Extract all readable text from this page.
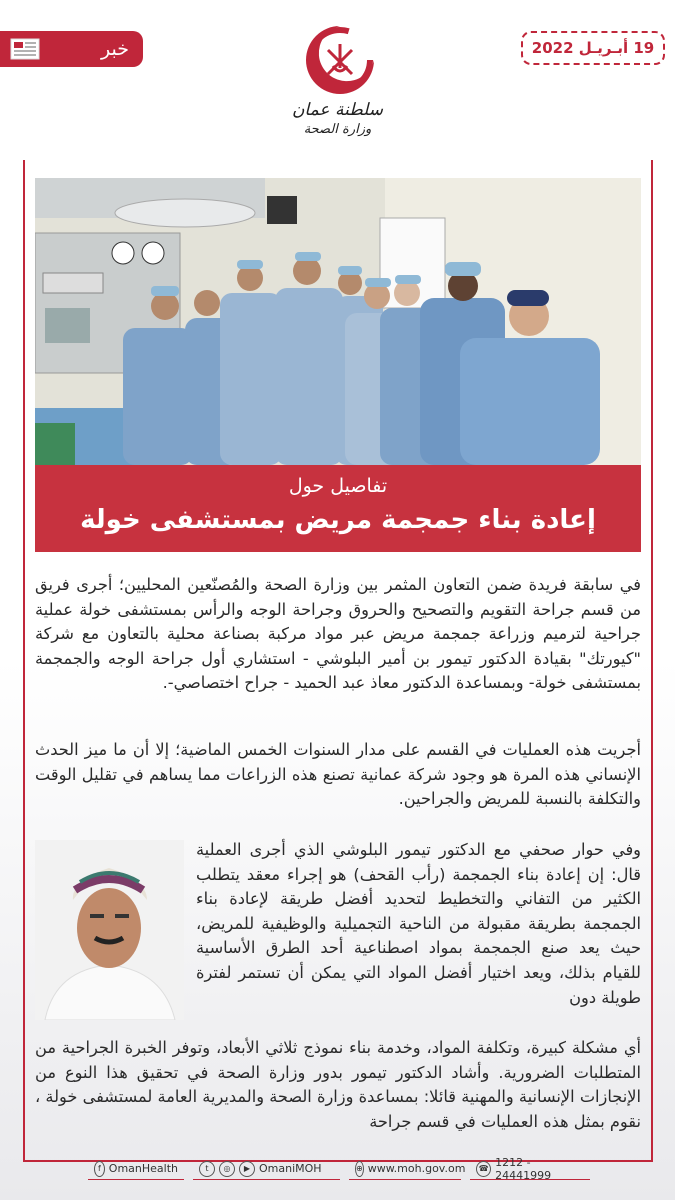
خبر
سلطنة عمان
وزارة الصحة
19 أبـريـل 2022
تفاصيل حول
إعادة بناء جمجمة مريض بمستشفى خولة
في سابقة فريدة ضمن التعاون المثمر بين وزارة الصحة والمُصنّعين المحليين؛ أجرى فريق من قسم جراحة التقويم والتصحيح والحروق وجراحة الوجه والرأس بمستشفى خولة عملية جراحية لترميم وزراعة جمجمة مريض عبر مواد مركبة بصناعة محلية بالتعاون مع شركة "كيورتك" بقيادة الدكتور تيمور بن أمير البلوشي - استشاري أول جراحة الوجه والجمجمة بمستشفى خولة- وبمساعدة الدكتور معاذ عبد الحميد - جراح اختصاصي-.
أجريت هذه العمليات في القسم على مدار السنوات الخمس الماضية؛ إلا أن ما ميز الحدث الإنساني هذه المرة هو وجود شركة عمانية تصنع هذه الزراعات مما يساهم في تقليل الوقت والتكلفة بالنسبة للمريض والجراحين.
وفي حوار صحفي مع الدكتور تيمور البلوشي الذي أجرى العملية قال: إن إعادة بناء الجمجمة (رأب القحف) هو إجراء معقد يتطلب الكثير من التفاني والتخطيط لتحديد أفضل طريقة لإعادة بناء الجمجمة بطريقة مقبولة من الناحية التجميلية والوظيفية للمريض، حيث يعد صنع الجمجمة بمواد اصطناعية أحد الطرق الأساسية للقيام بذلك، ويعد اختيار أفضل المواد التي يمكن أن تستمر لفترة طويلة دون
أي مشكلة كبيرة، وتكلفة المواد، وخدمة بناء نموذج ثلاثي الأبعاد، وتوفر الخبرة الجراحية من المتطلبات الضرورية. وأشاد الدكتور تيمور بدور وزارة الصحة في تحقيق هذا النوع من الإنجازات الإنسانية والمهنية قائلا: بمساعدة وزارة الصحة والمديرية العامة لمستشفى خولة ، نقوم بمثل هذه العمليات في قسم جراحة
f OmanHealth	t	◎	▶ OmaniMOH	⊕ www.moh.gov.om	☎ 1212 - 24441999
